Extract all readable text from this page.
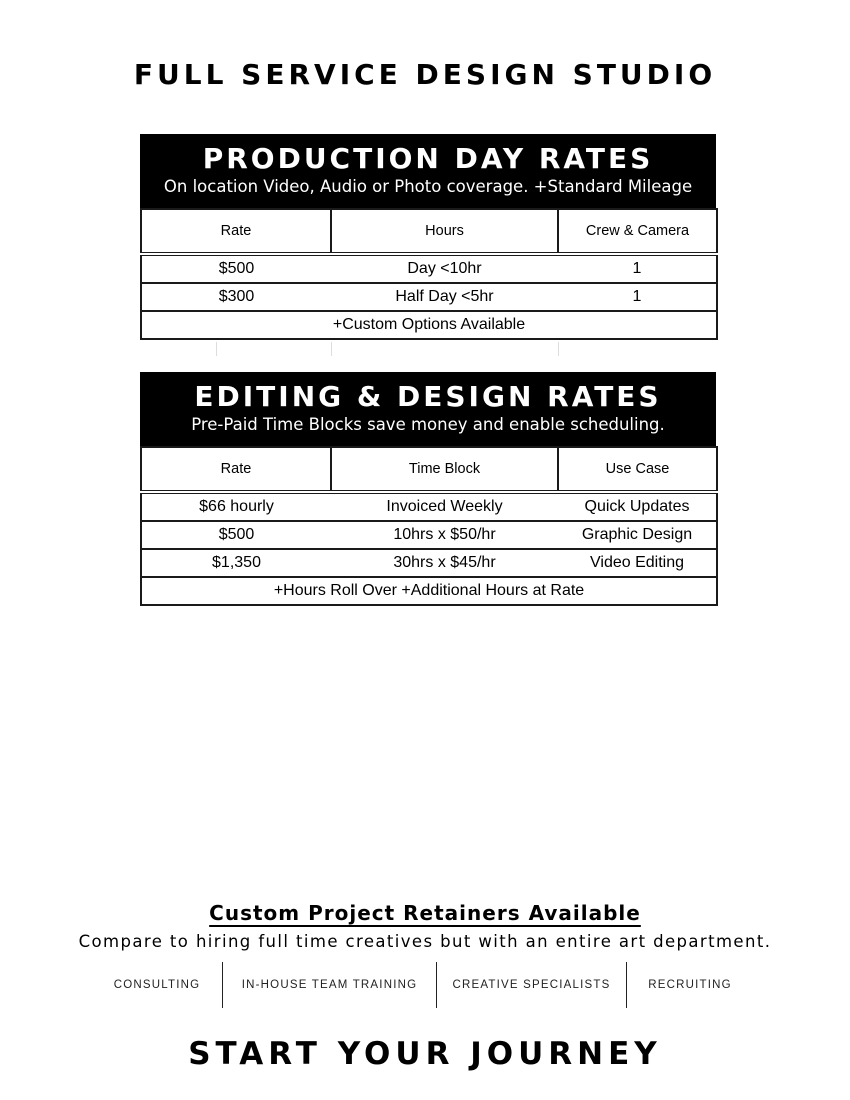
FULL SERVICE DESIGN STUDIO
PRODUCTION DAY RATES
On location Video, Audio or Photo coverage. +Standard Mileage
Rate	Hours	Crew & Camera
$500	Day <10hr	1
$300	Half Day <5hr	1
+Custom Options Available		
EDITING & DESIGN RATES
Pre-Paid Time Blocks save money and enable scheduling.
Rate	Time Block	Use Case
$66 hourly	Invoiced Weekly	Quick Updates
$500	10hrs x $50/hr	Graphic Design
$1,350	30hrs x $45/hr	Video Editing
+Hours Roll Over +Additional Hours at Rate		
Custom Project Retainers Available
Compare to hiring full time creatives but with an entire art department.
CONSULTING	IN-HOUSE TEAM TRAINING	CREATIVE SPECIALISTS	RECRUITING
START YOUR JOURNEY
